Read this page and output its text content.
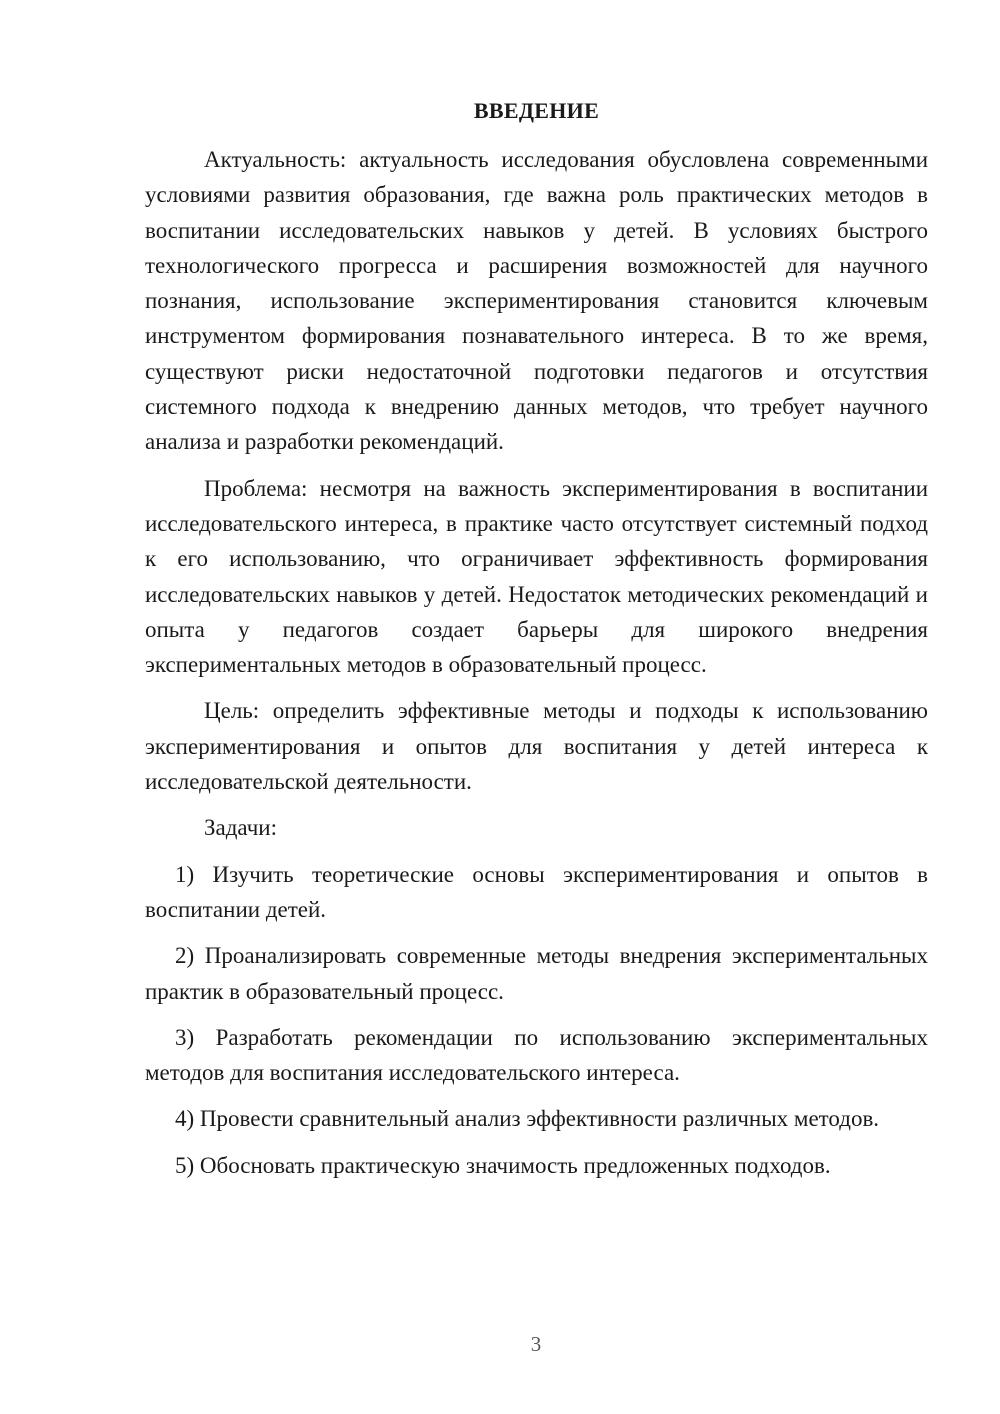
ВВЕДЕНИЕ

Актуальность: актуальность исследования обусловлена современными условиями развития образования, где важна роль практических методов в воспитании исследовательских навыков у детей. В условиях быстрого технологического прогресса и расширения возможностей для научного познания, использование экспериментирования становится ключевым инструментом формирования познавательного интереса. В то же время, существуют риски недостаточной подготовки педагогов и отсутствия системного подхода к внедрению данных методов, что требует научного анализа и разработки рекомендаций.

Проблема: несмотря на важность экспериментирования в воспитании исследовательского интереса, в практике часто отсутствует системный подход к его использованию, что ограничивает эффективность формирования исследовательских навыков у детей. Недостаток методических рекомендаций и опыта у педагогов создает барьеры для широкого внедрения экспериментальных методов в образовательный процесс.

Цель: определить эффективные методы и подходы к использованию экспериментирования и опытов для воспитания у детей интереса к исследовательской деятельности.

Задачи:

1) Изучить теоретические основы экспериментирования и опытов в воспитании детей.

2) Проанализировать современные методы внедрения экспериментальных практик в образовательный процесс.

3) Разработать рекомендации по использованию экспериментальных методов для воспитания исследовательского интереса.

4) Провести сравнительный анализ эффективности различных методов.

5) Обосновать практическую значимость предложенных подходов.

3
